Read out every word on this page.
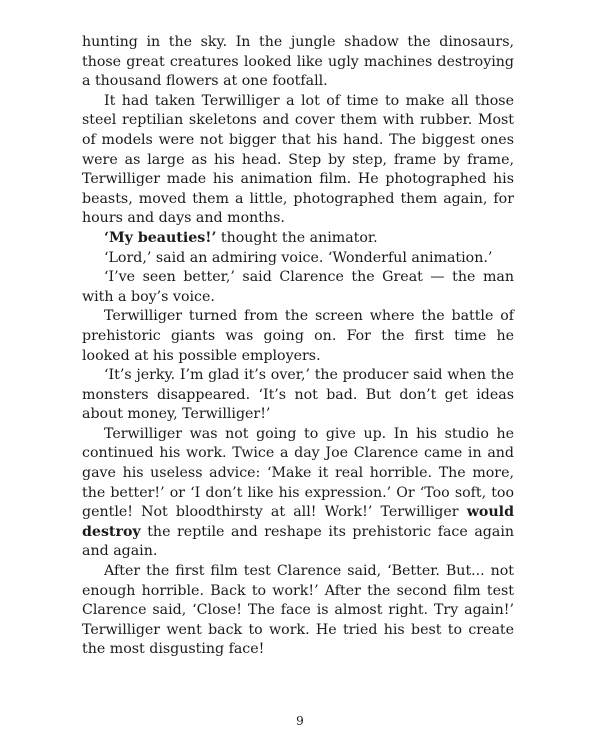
hunting in the sky. In the jungle shadow the dinosaurs, those great creatures looked like ugly machines destroying a thousand flowers at one footfall.

It had taken Terwilliger a lot of time to make all those steel reptilian skeletons and cover them with rubber. Most of models were not bigger that his hand. The biggest ones were as large as his head. Step by step, frame by frame, Terwilliger made his animation film. He photographed his beasts, moved them a little, photographed them again, for hours and days and months.

‘My beauties!’ thought the animator.

‘Lord,’ said an admiring voice. ‘Wonderful animation.’

‘I’ve seen better,’ said Clarence the Great — the man with a boy’s voice.

Terwilliger turned from the screen where the battle of prehistoric giants was going on. For the first time he looked at his possible employers.

‘It’s jerky. I’m glad it’s over,’ the producer said when the monsters disappeared. ‘It’s not bad. But don’t get ideas about money, Terwilliger!’

Terwilliger was not going to give up. In his studio he continued his work. Twice a day Joe Clarence came in and gave his useless advice: ‘Make it real horrible. The more, the better!’ or ‘I don’t like his expression.’ Or ‘Too soft, too gentle! Not bloodthirsty at all! Work!’ Terwilliger would destroy the reptile and reshape its prehistoric face again and again.

After the first film test Clarence said, ‘Better. But... not enough horrible. Back to work!’ After the second film test Clarence said, ‘Close! The face is almost right. Try again!’ Terwilliger went back to work. He tried his best to create the most disgusting face!

9
